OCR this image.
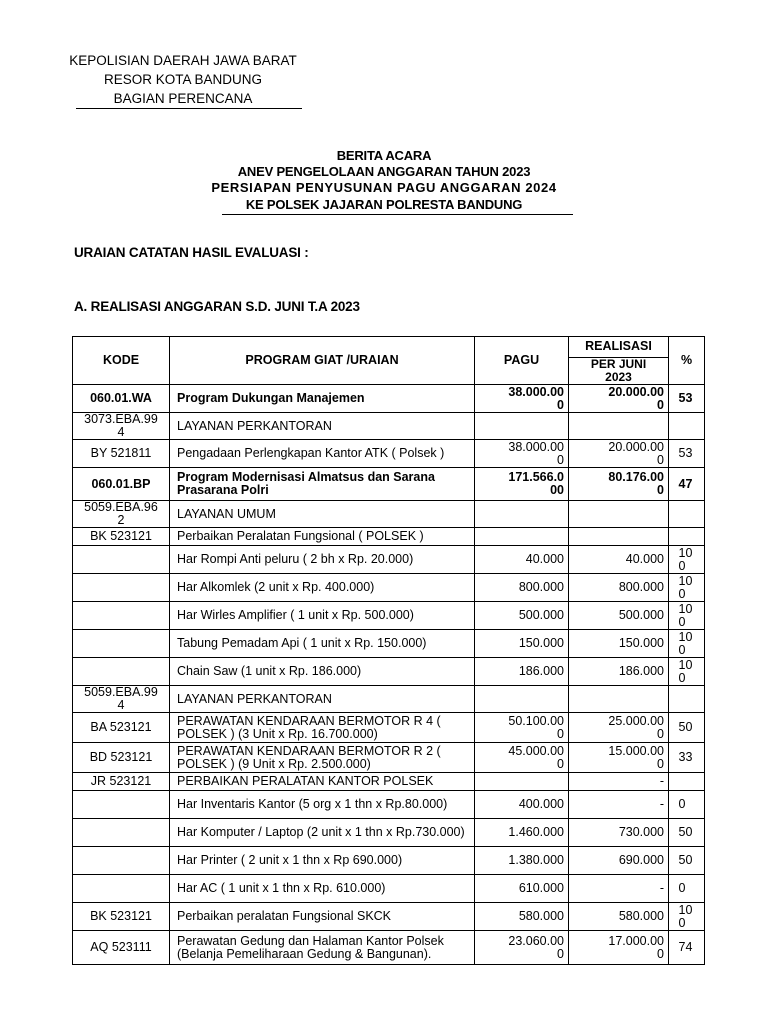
KEPOLISIAN DAERAH JAWA BARAT
RESOR KOTA BANDUNG
BAGIAN PERENCANA
BERITA ACARA
ANEV PENGELOLAAN ANGGARAN TAHUN 2023
PERSIAPAN PENYUSUNAN PAGU ANGGARAN 2024
KE POLSEK JAJARAN POLRESTA BANDUNG
URAIAN CATATAN HASIL EVALUASI :
A. REALISASI ANGGARAN S.D. JUNI T.A 2023
KODE	PROGRAM GIAT /URAIAN	PAGU	REALISASI
PER JUNI 2023	%

060.01.WA	Program Dukungan Manajemen	38.000.000	20.000.000	53

3073.EBA.994	LAYANAN PERKANTORAN	

BY 521811	Pengadaan Perlengkapan Kantor ATK ( Polsek )	38.000.000	20.000.000	53

060.01.BP	Program Modernisasi Almatsus dan Sarana Prasarana Polri	171.566.000	80.176.000	47

5059.EBA.962	LAYANAN UMUM	

BK 523121	Perbaikan Peralatan Fungsional ( POLSEK )	

	Har Rompi Anti peluru ( 2 bh x Rp. 20.000)	40.000	40.000	100

	Har Alkomlek (2 unit x Rp. 400.000)	800.000	800.000	100

	Har Wirles Amplifier ( 1 unit x Rp. 500.000)	500.000	500.000	100

	Tabung Pemadam Api ( 1 unit x Rp. 150.000)	150.000	150.000	100

	Chain Saw (1 unit x Rp. 186.000)	186.000	186.000	100

5059.EBA.994	LAYANAN PERKANTORAN	

BA 523121	PERAWATAN KENDARAAN BERMOTOR R 4 ( POLSEK ) (3 Unit x Rp. 16.700.000)	50.100.000	25.000.000	50

BD 523121	PERAWATAN KENDARAAN BERMOTOR R 2 ( POLSEK ) (9 Unit x Rp. 2.500.000)	45.000.000	15.000.000	33

JR 523121	PERBAIKAN PERALATAN KANTOR POLSEK		-	

	Har Inventaris Kantor (5 org x 1 thn x Rp.80.000)	400.000	-	0

	Har Komputer / Laptop (2 unit x 1 thn x Rp.730.000)	1.460.000	730.000	50

	Har Printer ( 2 unit x 1 thn x Rp 690.000)	1.380.000	690.000	50

	Har AC ( 1 unit x 1 thn x Rp. 610.000)	610.000	-	0

BK 523121	Perbaikan peralatan Fungsional SKCK	580.000	580.000	100

AQ 523111	Perawatan Gedung dan Halaman Kantor Polsek (Belanja Pemeliharaan Gedung & Bangunan).	23.060.000	17.000.000	74
